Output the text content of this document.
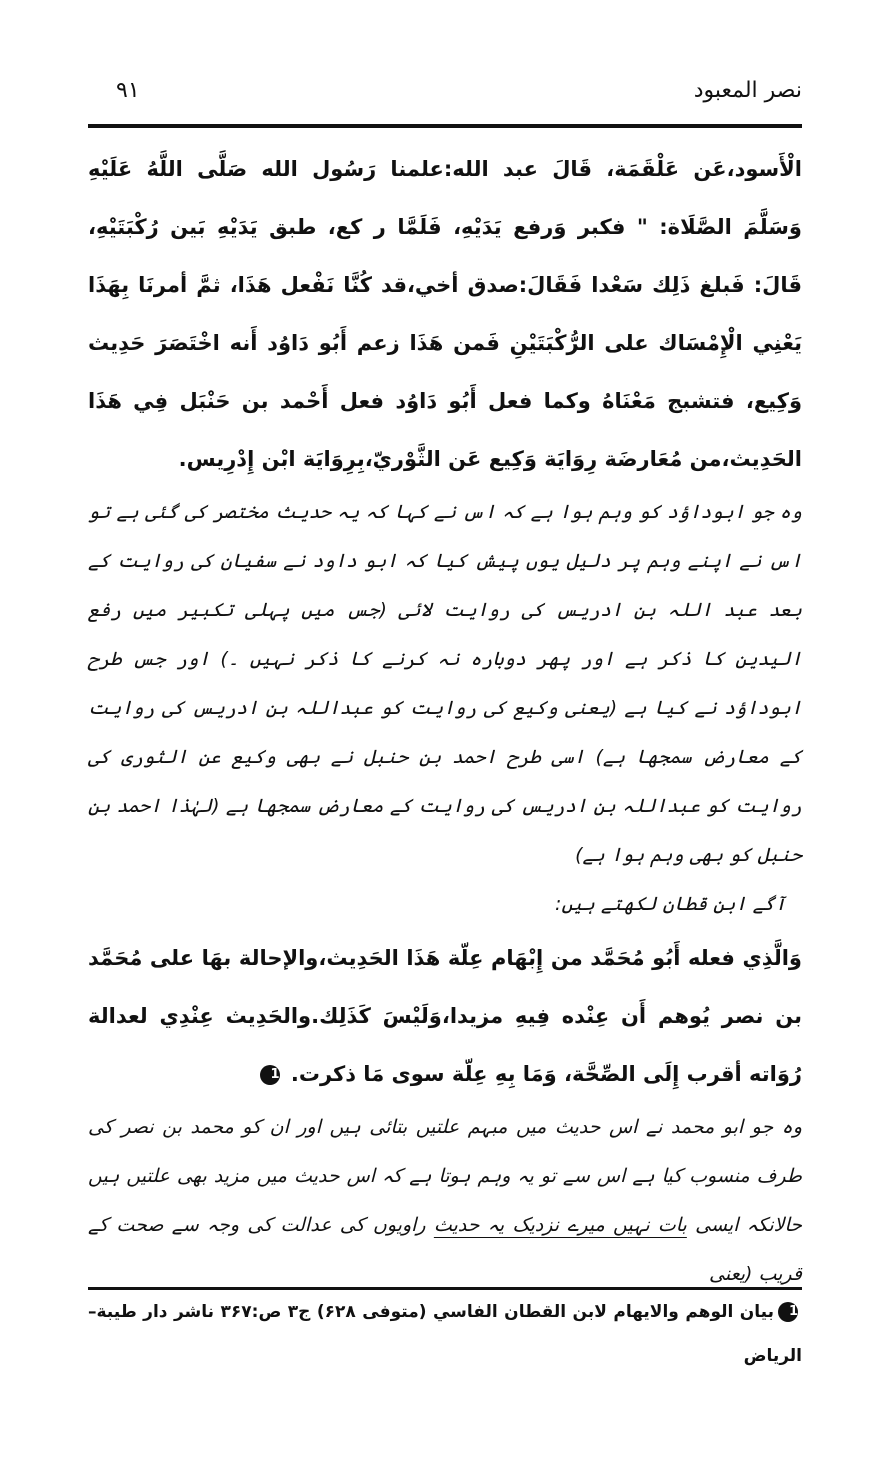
نصر المعبود
۹۱

الْأَسود،عَن عَلْقَمَة، قَالَ عبد الله:علمنا رَسُول الله صَلَّى اللَّهُ عَلَيْهِ وَسَلَّمَ الصَّلَاة: " فكبر وَرفع يَدَيْهِ، فَلَمَّا ر كع، طبق يَدَيْهِ بَين رُكْبَتَيْهِ، قَالَ: فَبلغ ذَلِك سَعْدا فَقَالَ:صدق أخي،قد كُنَّا نَفْعل هَذَا، ثمَّ أمرنَا بِهَذَا يَعْنِي الْإِمْسَاك على الرُّكْبَتَيْنِ فَمن هَذَا زعم أَبُو دَاوُد أَنه اخْتَصَرَ حَدِيث وَكِيع، فتشبج مَعْنَاهُ وكما فعل أَبُو دَاوُد فعل أَحْمد بن حَنْبَل فِي هَذَا الحَدِيث،من مُعَارضَة رِوَايَة وَكِيع عَن الثَّوْريّ،بِرِوَايَة ابْن إِدْرِيس.

وہ جو ابوداؤد کو وہم ہوا ہے کہ اس نے کہا کہ یہ حدیث مختصر کی گئی ہے تو اس نے اپنے وہم پر دلیل یوں پیش کیا کہ ابو داود نے سفیان کی روایت کے بعد عبد اللہ بن ادریس کی روایت لائی (جس میں پہلی تکبیر میں رفع الیدین کا ذکر ہے اور پھر دوبارہ نہ کرنے کا ذکر نہیں ۔) اور جس طرح ابوداؤد نے کیا ہے (یعنی وکیع کی روایت کو عبداللہ بن ادریس کی روایت کے معارض سمجھا ہے) اسی طرح احمد بن حنبل نے بھی وکیع عن الثوری کی روایت کو عبداللہ بن ادریس کی روایت کے معارض سمجھا ہے (لہٰذا احمد بن حنبل کو بھی وہم ہوا ہے)

آگے ابن قطان لکھتے ہیں:

وَالَّذِي فعله أَبُو مُحَمَّد من إِبْهَام عِلّة هَذَا الحَدِيث،والإحالة بهَا على مُحَمَّد بن نصر يُوهم أَن عِنْده فِيهِ مزيدا،وَلَيْسَ كَذَلِك.والحَدِيث عِنْدِي لعدالة رُوَاته أقرب إِلَى الصِّحَّة، وَمَا بِهِ عِلّة سوى مَا ذكرت. 1

وہ جو ابو محمد نے اس حدیث میں مبہم علتیں بتائی ہیں اور ان کو محمد بن نصر کی طرف منسوب کیا ہے اس سے تو یہ وہم ہوتا ہے کہ اس حدیث میں مزید بھی علتیں ہیں حالانکہ ایسی بات نہیں میرے نزدیک یہ حدیث راویوں کی عدالت کی وجہ سے صحت کے قریب (یعنی

1بيان الوهم والايهام لابن القطان الفاسي (متوفى ۶۲۸) ج۳ ص:۳۶۷ ناشر دار طيبة–الرياض
